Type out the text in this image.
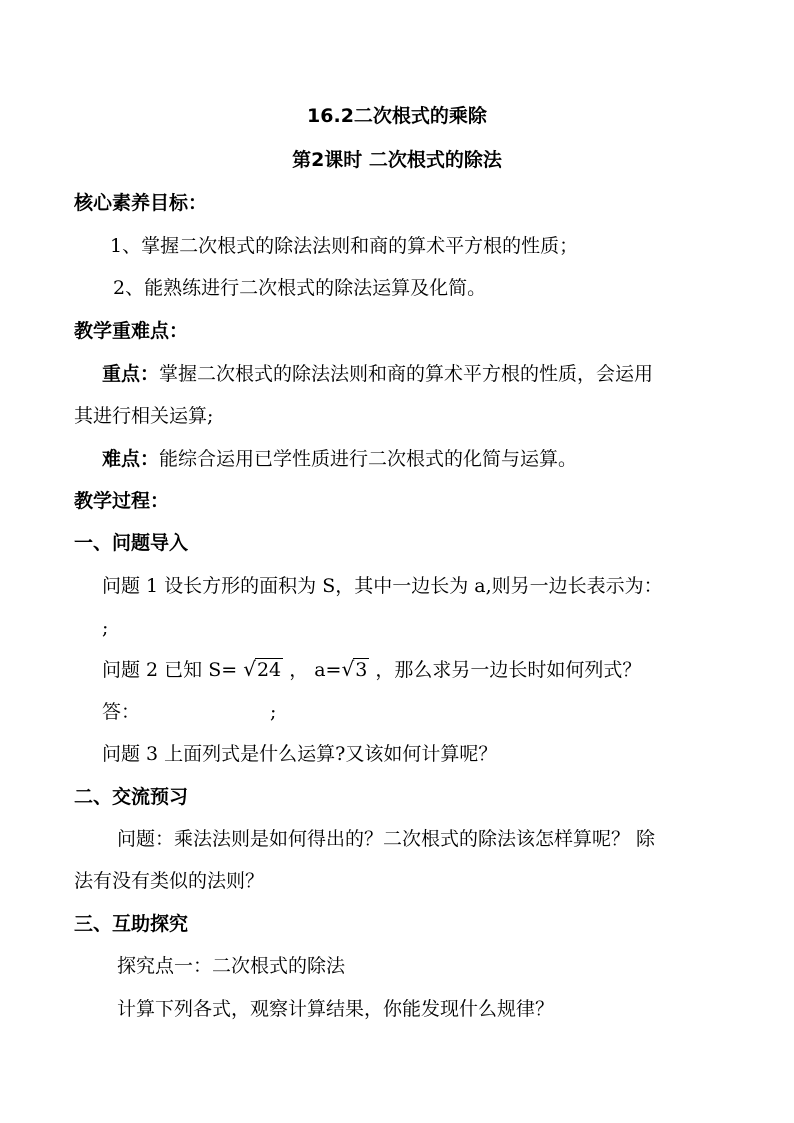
16.2二次根式的乘除
第2课时 二次根式的除法
核心素养目标：
1、掌握二次根式的除法法则和商的算术平方根的性质；
2、能熟练进行二次根式的除法运算及化简。
教学重难点：
重点：掌握二次根式的除法法则和商的算术平方根的性质，会运用
其进行相关运算;
难点：能综合运用已学性质进行二次根式的化简与运算。
教学过程：
一、问题导入
问题 1 设长方形的面积为 S，其中一边长为 a,则另一边长表示为：
;
问题 2 已知 S= √24 ， a=√3 ，那么求另一边长时如何列式？
答：	;
问题 3 上面列式是什么运算?又该如何计算呢？
二、交流预习
问题：乘法法则是如何得出的？二次根式的除法该怎样算呢？ 除
法有没有类似的法则？
三、互助探究
探究点一：二次根式的除法
计算下列各式，观察计算结果，你能发现什么规律？
